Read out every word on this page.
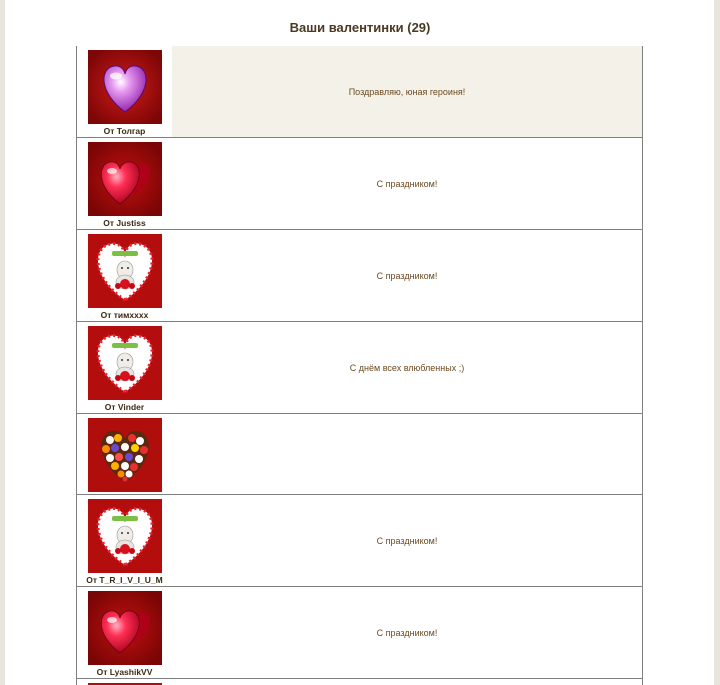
Ваши валентинки (29)
От Толгар	Поздравляю, юная героиня!

От Justiss	С праздником!

От тимxxxx	С праздником!

От Vinder	С днём всех влюбленных ;)

От T_R_I_V_I_U_M	С праздником!

От LyashikVV	С праздником!
